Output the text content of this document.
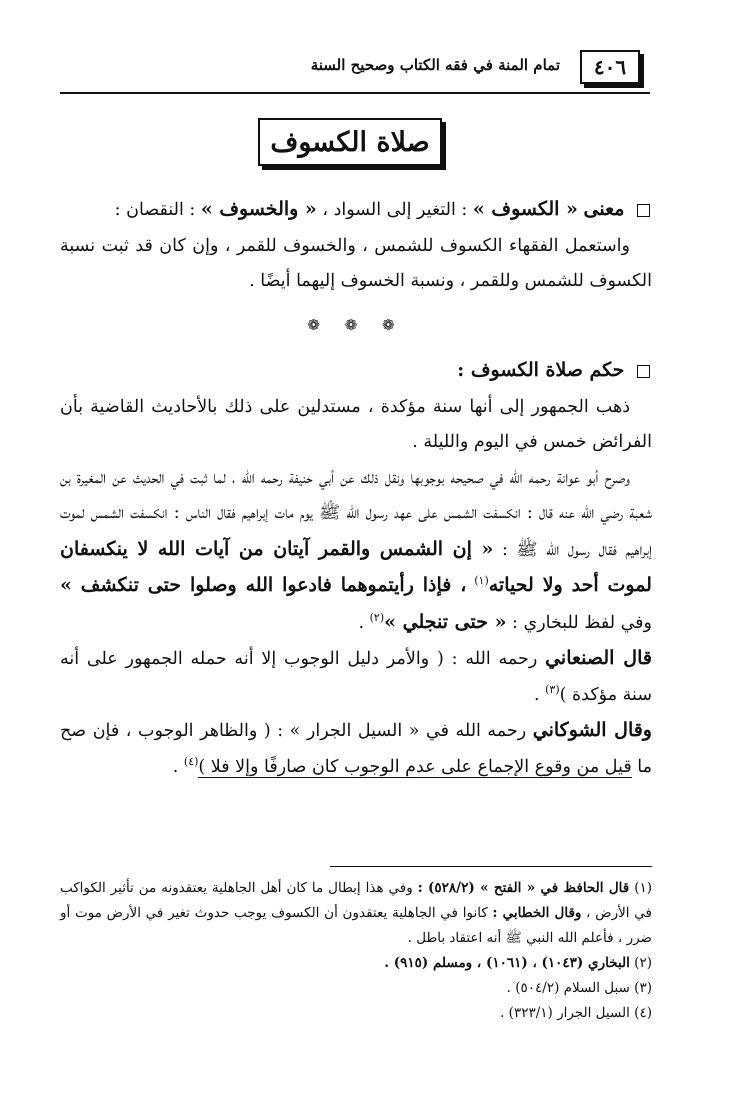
٤٠٦
تمام المنة في فقه الكتاب وصحيح السنة
صلاة الكسوف

معنى « الكسوف » : التغير إلى السواد ، « والخسوف » : النقصان :

واستعمل الفقهاء الكسوف للشمس ، والخسوف للقمر ، وإن كان قد ثبت نسبة الكسوف للشمس وللقمر ، ونسبة الخسوف إليهما أيضًا .

❁ ❁ ❁

حكم صلاة الكسوف :

ذهب الجمهور إلى أنها سنة مؤكدة ، مستدلين على ذلك بالأحاديث القاضية بأن الفرائض خمس في اليوم والليلة .

وصرح أبو عوانة رحمه الله في صحيحه بوجوبها ونقل ذلك عن أبي حنيفة رحمه الله ، لما ثبت في الحديث عن المغيرة بن شعبة رضي الله عنه قال : انكسفت الشمس على عهد رسول الله ﷺ يوم مات إبراهيم فقال الناس : انكسفت الشمس لموت إبراهيم فقال رسول الله ﷺ : « إن الشمس والقمر آيتان من آيات الله لا ينكسفان لموت أحد ولا لحياته$^{(١)}$ ، فإذا رأيتموهما فادعوا الله وصلوا حتى تنكشف » وفي لفظ للبخاري : « حتى تنجلي »$^{(٢)}$ .

قال الصنعاني رحمه الله : ( والأمر دليل الوجوب إلا أنه حمله الجمهور على أنه سنة مؤكدة )$^{(٣)}$ .

وقال الشوكاني رحمه الله في « السيل الجرار » : ( والظاهر الوجوب ، فإن صح ما قيل من وقوع الإجماع على عدم الوجوب كان صارفًا وإلا فلا )$^{(٤)}$ .

(١) قال الحافظ في « الفتح » (٥٢٨/٢) : وفي هذا إبطال ما كان أهل الجاهلية يعتقدونه من تأثير الكواكب في الأرض ، وقال الخطابي : كانوا في الجاهلية يعتقدون أن الكسوف يوجب حدوث تغير في الأرض موت أو ضرر ، فأعلم الله النبي ﷺ أنه اعتقاد باطل .

(٢) البخاري (١٠٤٣) ، (١٠٦١) ، ومسلم (٩١٥) .

(٣) سبل السلام (٥٠٤/٢) .

(٤) السيل الجرار (٣٢٣/١) .
